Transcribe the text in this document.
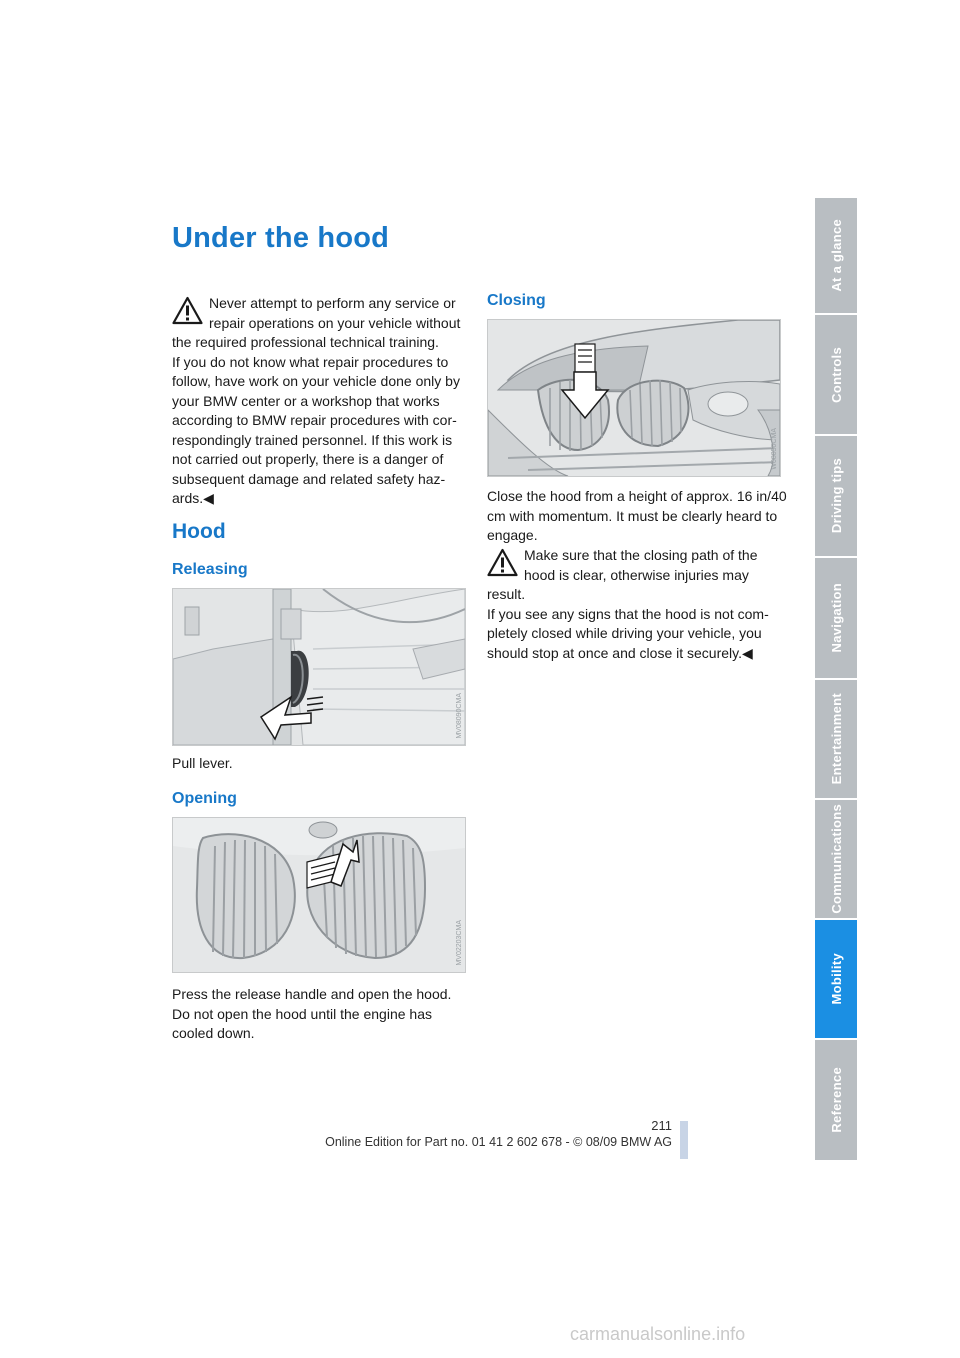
Under the hood

Never attempt to perform any service or repair operations on your vehicle without the required professional technical training.

If you do not know what repair procedures to follow, have work on your vehicle done only by your BMW center or a workshop that works according to BMW repair procedures with correspondingly trained personnel. If this work is not carried out properly, there is a danger of subsequent damage and related safety hazards.◀

Hood
Releasing
MV08090CMA
Pull lever.
Opening
MV02203CMA
Press the release handle and open the hood. Do not open the hood until the engine has cooled down.
Closing
W08050CMA
Close the hood from a height of approx. 16 in/40 cm with momentum. It must be clearly heard to engage.

Make sure that the closing path of the hood is clear, otherwise injuries may result.

If you see any signs that the hood is not completely closed while driving your vehicle, you should stop at once and close it securely.◀

At a glance
Controls
Driving tips
Navigation
Entertainment
Communications
Mobility
Reference
211
Online Edition for Part no. 01 41 2 602 678 - © 08/09 BMW AG
carmanualsonline.info
